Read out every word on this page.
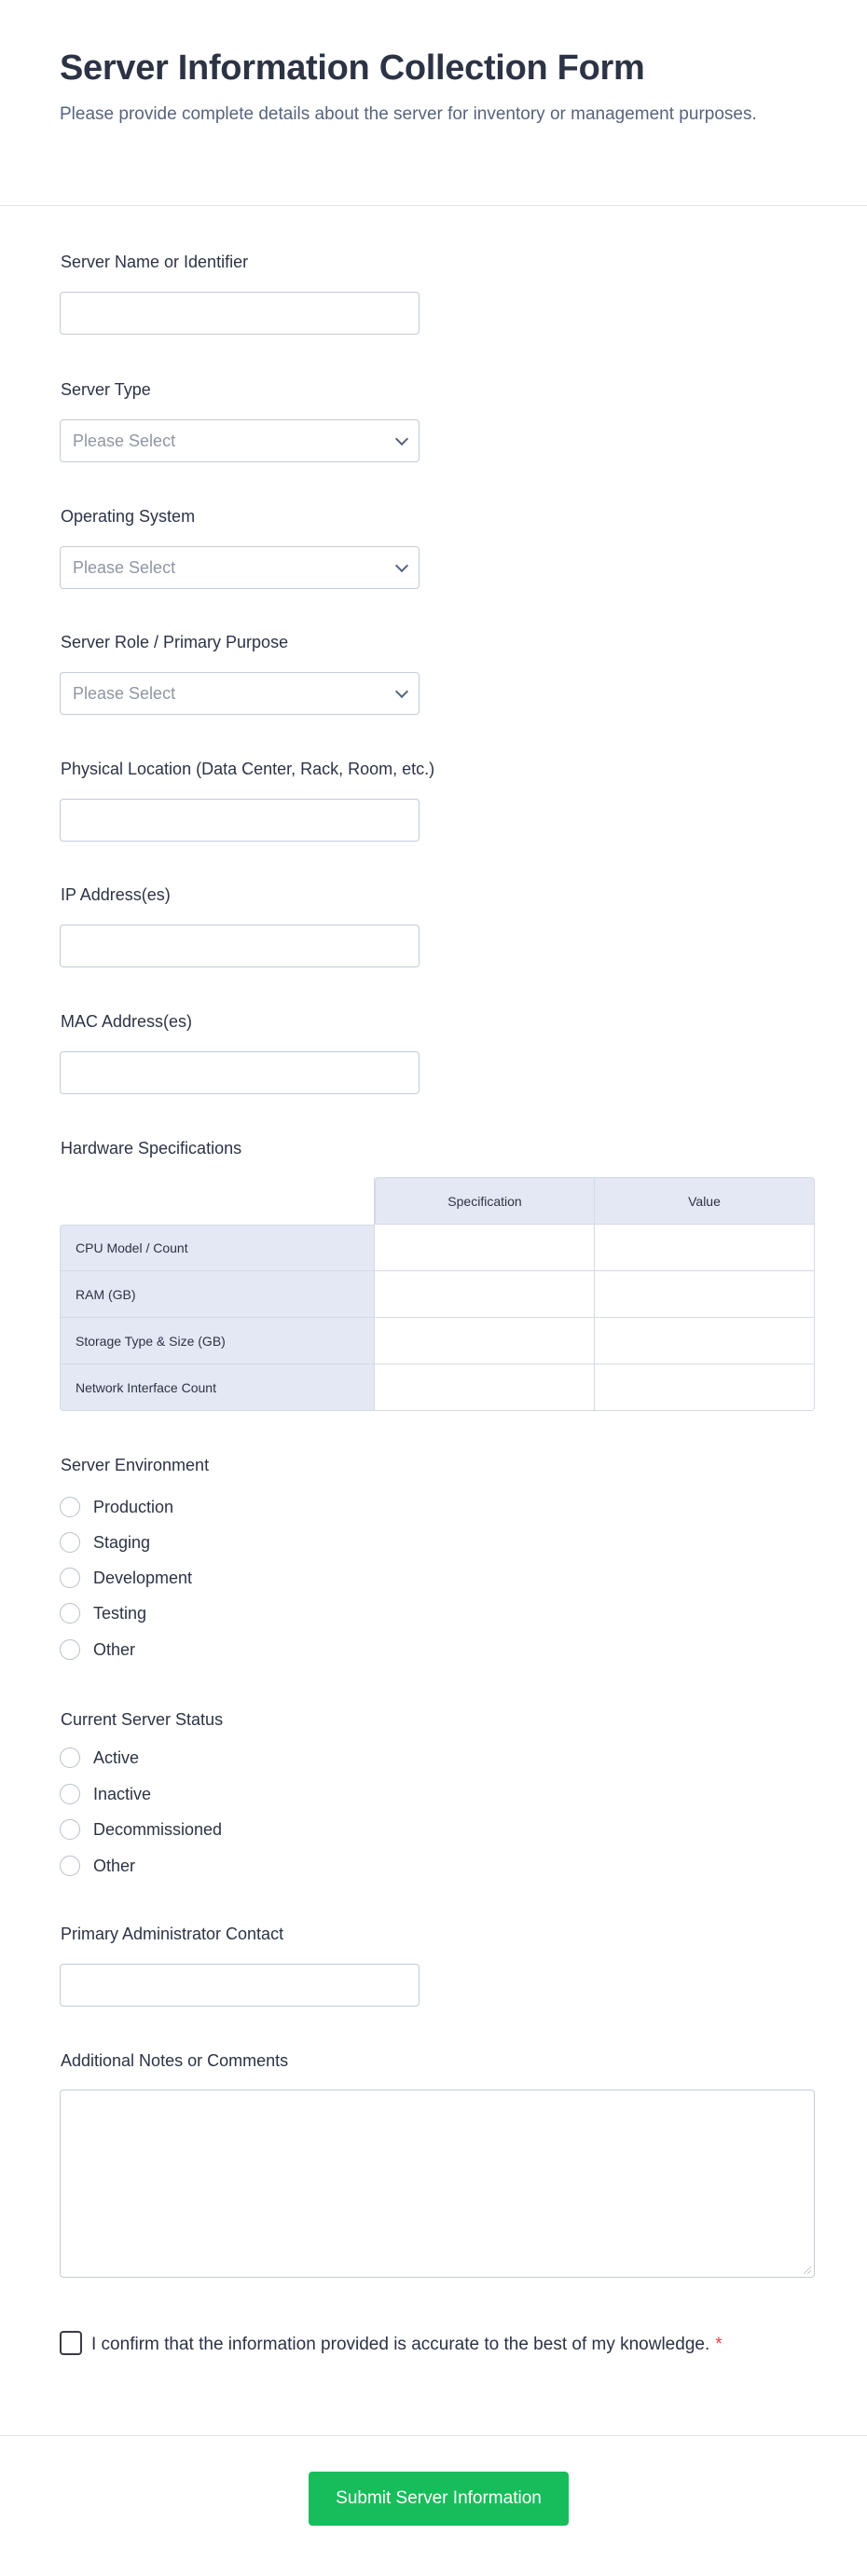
Server Information Collection Form
Please provide complete details about the server for inventory or management purposes.
Server Name or Identifier
Server Type
Please Select
Operating System
Please Select
Server Role / Primary Purpose
Please Select
Physical Location (Data Center, Rack, Room, etc.)
IP Address(es)
MAC Address(es)
Hardware Specifications
	Specification	Value
CPU Model / Count		
RAM (GB)		
Storage Type & Size (GB)		
Network Interface Count		
Server Environment
Production
Staging
Development
Testing
Other
Current Server Status
Active
Inactive
Decommissioned
Other
Primary Administrator Contact
Additional Notes or Comments
I confirm that the information provided is accurate to the best of my knowledge. *
Submit Server Information
